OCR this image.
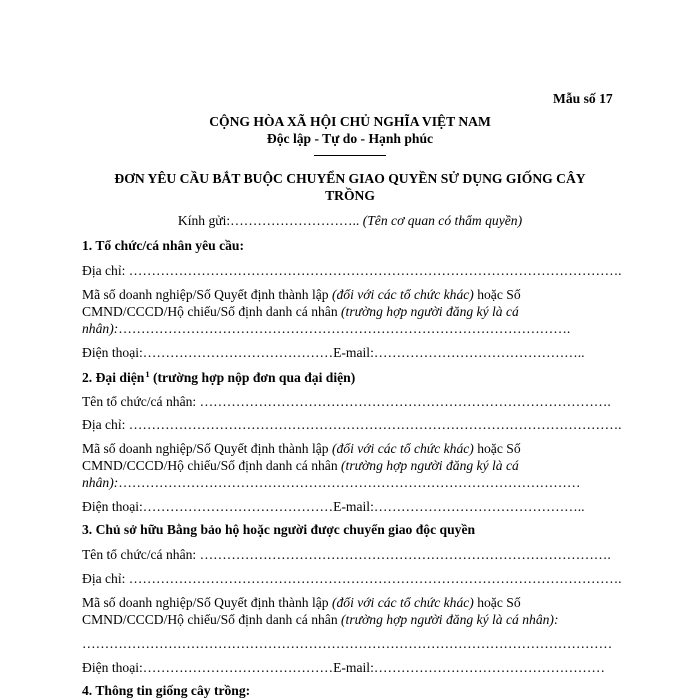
Mẫu số 17
CỘNG HÒA XÃ HỘI CHỦ NGHĨA VIỆT NAM
Độc lập - Tự do - Hạnh phúc
ĐƠN YÊU CẦU BẮT BUỘC CHUYỂN GIAO QUYỀN SỬ DỤNG GIỐNG CÂY
TRỒNG
Kính gửi:……………………….. (Tên cơ quan có thẩm quyền)
1. Tổ chức/cá nhân yêu cầu:
Địa chỉ: ……………………………………………………………………………………………….
Mã số doanh nghiệp/Số Quyết định thành lập (đối với các tổ chức khác) hoặc Số
CMND/CCCD/Hộ chiếu/Số định danh cá nhân (trường hợp người đăng ký là cá
nhân):……………………………………………………………………………………….
Điện thoại:……………………………………E-mail:………………………………………..
2. Đại diện$^1$ (trường hợp nộp đơn qua đại diện)
Tên tổ chức/cá nhân: ……………………………………………………………………………….
Địa chỉ: ……………………………………………………………………………………………….
Mã số doanh nghiệp/Số Quyết định thành lập (đối với các tổ chức khác) hoặc Số
CMND/CCCD/Hộ chiếu/Số định danh cá nhân (trường hợp người đăng ký là cá
nhân):…………………………………………………………………………………………
Điện thoại:……………………………………E-mail:………………………………………..
3. Chủ sở hữu Bằng bảo hộ hoặc người được chuyển giao độc quyền
Tên tổ chức/cá nhân: ……………………………………………………………………………….
Địa chỉ: ……………………………………………………………………………………………….
Mã số doanh nghiệp/Số Quyết định thành lập (đối với các tổ chức khác) hoặc Số
CMND/CCCD/Hộ chiếu/Số định danh cá nhân (trường hợp người đăng ký là cá nhân):
………………………………………………………………………………………………………
Điện thoại:……………………………………E-mail:……………………………………………
4. Thông tin giống cây trồng:
